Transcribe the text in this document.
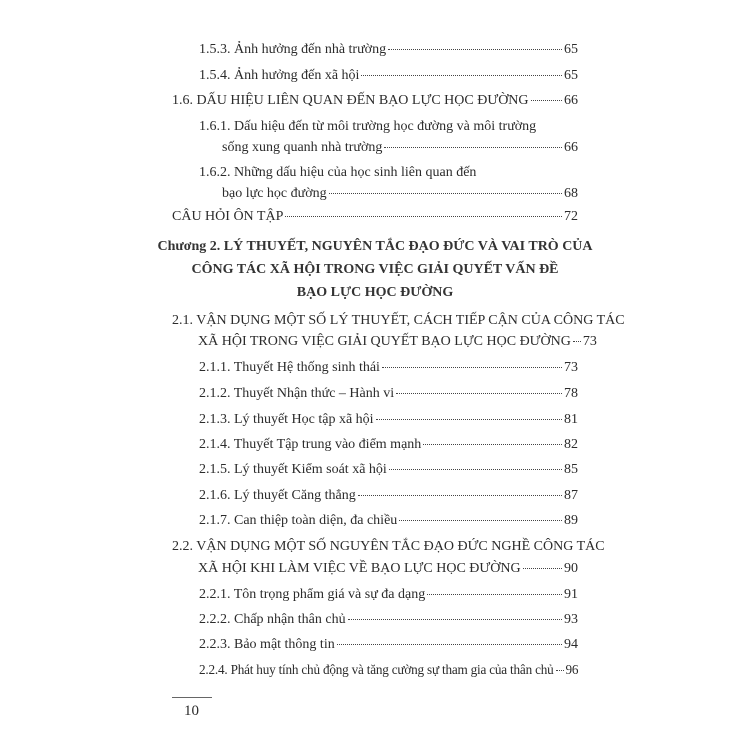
1.5.3. Ảnh hưởng đến nhà trường	65
1.5.4. Ảnh hưởng đến xã hội	65
1.6. DẤU HIỆU LIÊN QUAN ĐẾN BẠO LỰC HỌC ĐƯỜNG	66
1.6.1. Dấu hiệu đến từ môi trường học đường và môi trường
sống xung quanh nhà trường	66
1.6.2. Những dấu hiệu của học sinh liên quan đến
bạo lực học đường	68
CÂU HỎI ÔN TẬP	72
Chương 2. LÝ THUYẾT, NGUYÊN TẮC ĐẠO ĐỨC VÀ VAI TRÒ CỦA
CÔNG TÁC XÃ HỘI TRONG VIỆC GIẢI QUYẾT VẤN ĐỀ
BẠO LỰC HỌC ĐƯỜNG
2.1. VẬN DỤNG MỘT SỐ LÝ THUYẾT, CÁCH TIẾP CẬN CỦA CÔNG TÁC
XÃ HỘI TRONG VIỆC GIẢI QUYẾT BẠO LỰC HỌC ĐƯỜNG 73
2.1.1. Thuyết Hệ thống sinh thái	73
2.1.2. Thuyết Nhận thức – Hành vi	78
2.1.3. Lý thuyết Học tập xã hội	81
2.1.4. Thuyết Tập trung vào điểm mạnh	82
2.1.5. Lý thuyết Kiểm soát xã hội	85
2.1.6. Lý thuyết Căng thẳng	87
2.1.7. Can thiệp toàn diện, đa chiều	89
2.2. VẬN DỤNG MỘT SỐ NGUYÊN TẮC ĐẠO ĐỨC NGHỀ CÔNG TÁC
XÃ HỘI KHI LÀM VIỆC VỀ BẠO LỰC HỌC ĐƯỜNG	90
2.2.1. Tôn trọng phẩm giá và sự đa dạng	91
2.2.2. Chấp nhận thân chủ	93
2.2.3. Bảo mật thông tin	94
2.2.4. Phát huy tính chủ động và tăng cường sự tham gia của thân chủ 96
10
